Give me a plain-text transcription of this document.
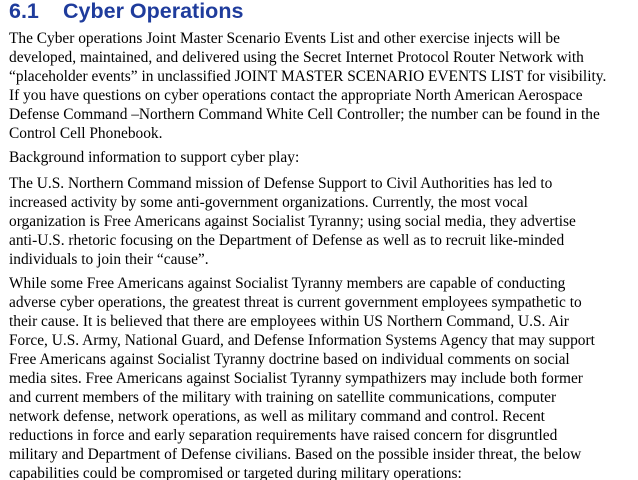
6.1 Cyber Operations

The Cyber operations Joint Master Scenario Events List and other exercise injects will be
developed, maintained, and delivered using the Secret Internet Protocol Router Network with
“placeholder events” in unclassified JOINT MASTER SCENARIO EVENTS LIST for visibility.
If you have questions on cyber operations contact the appropriate North American Aerospace
Defense Command –Northern Command White Cell Controller; the number can be found in the
Control Cell Phonebook.

Background information to support cyber play:

The U.S. Northern Command mission of Defense Support to Civil Authorities has led to
increased activity by some anti-government organizations. Currently, the most vocal
organization is Free Americans against Socialist Tyranny; using social media, they advertise
anti-U.S. rhetoric focusing on the Department of Defense as well as to recruit like-minded
individuals to join their “cause”.

While some Free Americans against Socialist Tyranny members are capable of conducting
adverse cyber operations, the greatest threat is current government employees sympathetic to
their cause. It is believed that there are employees within US Northern Command, U.S. Air
Force, U.S. Army, National Guard, and Defense Information Systems Agency that may support
Free Americans against Socialist Tyranny doctrine based on individual comments on social
media sites. Free Americans against Socialist Tyranny sympathizers may include both former
and current members of the military with training on satellite communications, computer
network defense, network operations, as well as military command and control. Recent
reductions in force and early separation requirements have raised concern for disgruntled
military and Department of Defense civilians. Based on the possible insider threat, the below
capabilities could be compromised or targeted during military operations:
